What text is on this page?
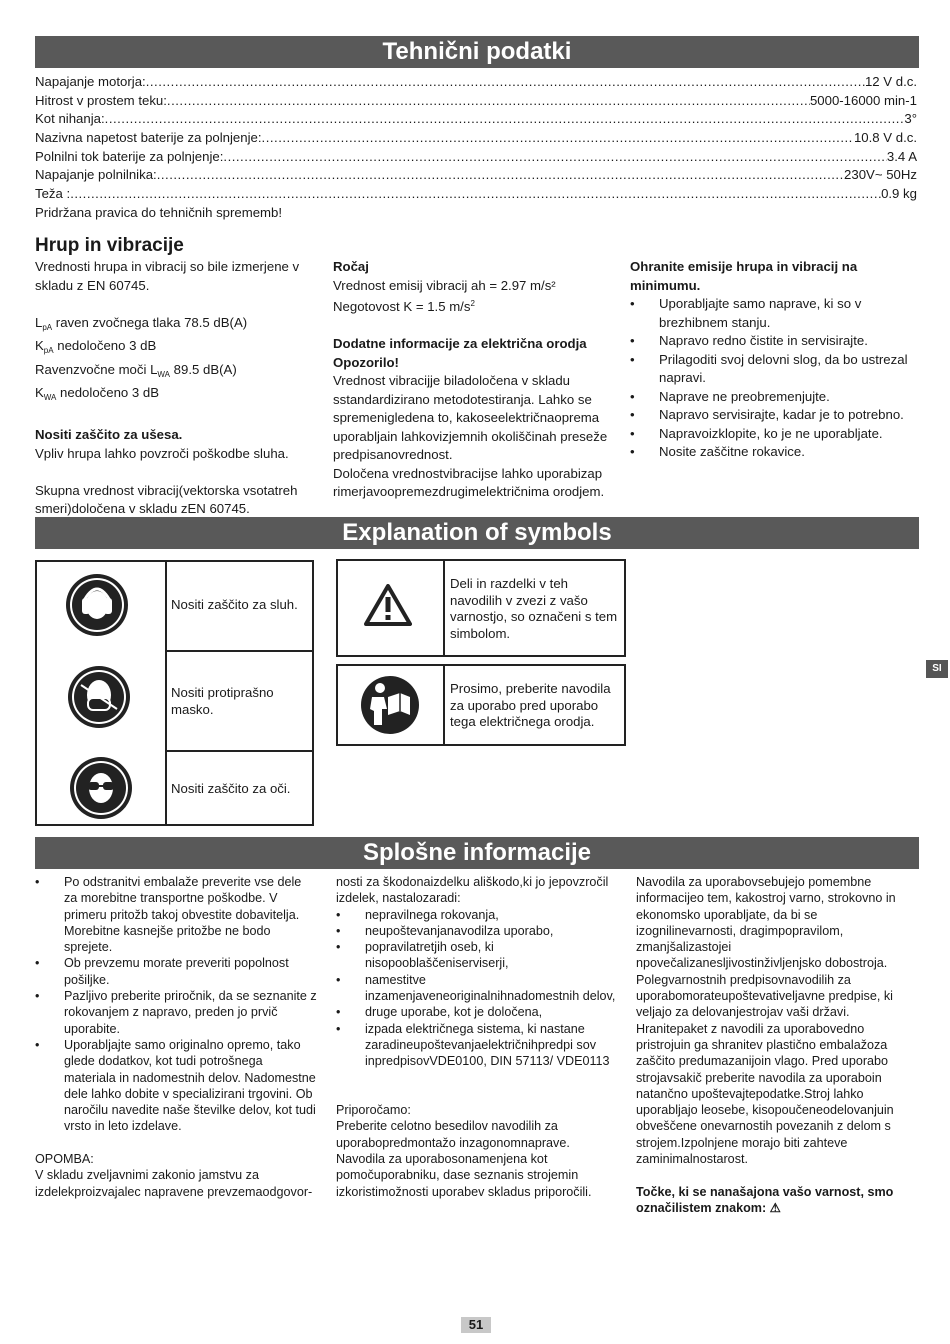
Tehnični podatki
Explanation of symbols
Splošne informacije
Napajanje motorja: .....	12 V d.c.
Hitrost v prostem teku: .....	5000-16000 min-1
Kot nihanja: .....	3°
Nazivna napetost baterije za polnjenje: .....	10.8 V d.c.
Polnilni tok baterije za polnjenje: .....	3.4 A
Napajanje polnilnika: .....	230V~ 50Hz
Teža : .....	0.9 kg
Pridržana pravica do tehničnih sprememb!
Hrup in vibracije
Vrednosti hrupa in vibracij so bile izmerjene v skladu z EN 60745.
$L_{pA}$ raven zvočnega tlaka 78.5 dB(A)
$K_{pA}$ nedoločeno 3 dB
Ravenzvočne moči $L_{WA}$ 89.5 dB(A)
$K_{WA}$ nedoločeno 3 dB
Nositi zaščito za ušesa.
Vpliv hrupa lahko povzroči poškodbe sluha.
Skupna vrednost vibracij(vektorska vsotatreh smeri)določena v skladu zEN 60745.
Ročaj
Vrednost emisij vibracij ah = 2.97 m/s²
Negotovost K = 1.5 $m/s^2$
Dodatne informacije za električna orodja
Opozorilo!
Vrednost vibracijje biladoločena v skladu sstandardizirano metodotestiranja. Lahko se spremenigledena to, kakoseelektričnaoprema uporabljain lahkovizjemnih okoliščinah preseže predpisanovrednost.
Določena vrednostvibracijse lahko uporabizap rimerjavoopremezdrugimelektričnima orodjem.
Ohranite emisije hrupa in vibracij na minimumu.
• Uporabljajte samo naprave, ki so v brezhibnem stanju.
• Napravo redno čistite in servisirajte.
• Prilagoditi svoj delovni slog, da bo ustrezal napravi.
• Naprave ne preobremenjujte.
• Napravo servisirajte, kadar je to potrebno.
• Napravoizklopite, ko je ne uporabljate.
• Nosite zaščitne rokavice.
Nositi zaščito za sluh.
Nositi protiprašno masko.
Nositi zaščito za oči.
Deli in razdelki v teh navodilih v zvezi z vašo varnostjo, so označeni s tem simbolom.
Prosimo, preberite navodila za uporabo pred uporabo tega električnega orodja.
SI
• Po odstranitvi embalaže preverite vse dele za morebitne transportne poškodbe. V primeru pritožb takoj obvestite dobavitelja. Morebitne kasnejše pritožbe ne bodo sprejete.
• Ob prevzemu morate preveriti popolnost pošiljke.
• Pazljivo preberite priročnik, da se seznanite z rokovanjem z napravo, preden jo prvič uporabite.
• Uporabljajte samo originalno opremo, tako glede dodatkov, kot tudi potrošnega materiala in nadomestnih delov. Nadomestne dele lahko dobite v specializirani trgovini. Ob naročilu navedite naše številke delov, kot tudi vrsto in leto izdelave.
OPOMBA:
V skladu zveljavnimi zakonio jamstvu za izdelekproizvajalec napravene prevzemaodgovor-
nosti za škodonaizdelku ališkodo,ki jo jepovzročil izdelek, nastalozaradi:
• nepravilnega rokovanja,
• neupoštevanjanavodilza uporabo,
• popravilatretjih oseb, ki nisopooblaščeniserviserji,
• namestitve inzamenjaveneoriginalnihnadomestnih delov,
• druge uporabe, kot je določena,
• izpada električnega sistema, ki nastane zaradineupoštevanjaelektričnihpredpi sov inpredpisovVDE0100, DIN 57113/ VDE0113
Priporočamo:
Preberite celotno besedilov navodilih za uporabopredmontažo inzagonomnaprave. Navodila za uporabosonamenjena kot pomočuporabniku, dase seznanis strojemin izkoristimožnosti uporabev skladus priporočili.
Navodila za uporabovsebujejo pomembne informacijeo tem, kakostroj varno, strokovno in ekonomsko uporabljate, da bi se izognilinevarnosti, dragimpopravilom, zmanjšalizastojei npovečalizanesljivostinživljenjsko dobostroja. Polegvarnostnih predpisovnavodilih za uporabomorateupoštevativeljavne predpise, ki veljajo za delovanjestrojav vaši državi. Hranitepaket z navodili za uporabovedno pristrojuin ga shranitev plastično embalažoza zaščito predumazanijoin vlago. Pred uporabo strojavsakič preberite navodila za uporaboin natančno upoštevajtepodatke.Stroj lahko uporabljajo leosebe, kisopoučeneodelovanjuin obveščene onevarnostih povezanih z delom s strojem.Izpolnjene morajo biti zahteve zaminimalnostarost.
Točke, ki se nanašajona vašo varnost, smo označilistem znakom: ⚠
51
